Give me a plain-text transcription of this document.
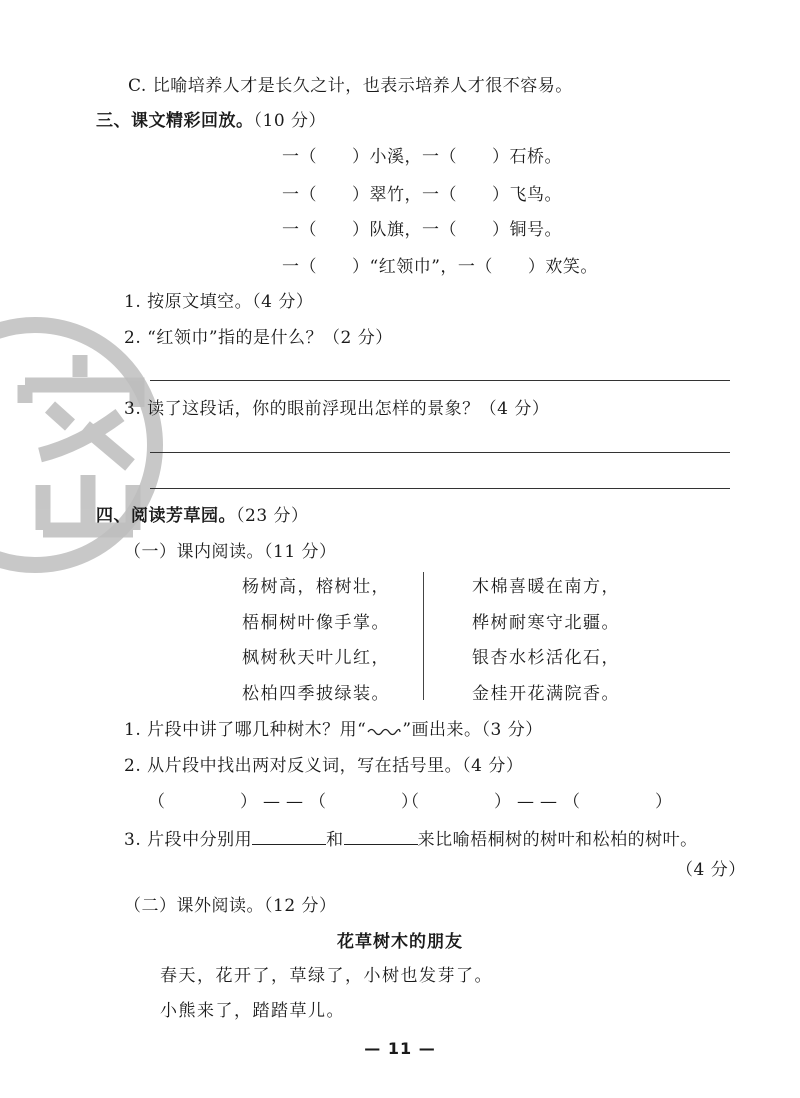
C. 比喻培养人才是长久之计，也表示培养人才很不容易。
三、课文精彩回放。（10 分）
一（　　）小溪，一（　　）石桥。
一（　　）翠竹，一（　　）飞鸟。
一（　　）队旗，一（　　）铜号。
一（　　）“红领巾”，一（　　）欢笑。
1. 按原文填空。（4 分）
2. “红领巾”指的是什么？（2 分）
3. 读了这段话，你的眼前浮现出怎样的景象？（4 分）
四、阅读芳草园。（23 分）
（一）课内阅读。（11 分）
杨树高，榕树壮，
梧桐树叶像手掌。
枫树秋天叶儿红，
松柏四季披绿装。
木棉喜暖在南方，
桦树耐寒守北疆。
银杏水杉活化石，
金桂开花满院香。
1. 片段中讲了哪几种树木？用“ ”画出来。（3 分）
2. 从片段中找出两对反义词，写在括号里。（4 分）
（　　　）——（　　　）
（　　　）——（　　　）
3. 片段中分别用	和	来比喻梧桐树的树叶和松柏的树叶。
（4 分）
（二）课外阅读。（12 分）
花草树木的朋友
春天，花开了，草绿了，小树也发芽了。
小熊来了，踏踏草儿。
— 11 —
